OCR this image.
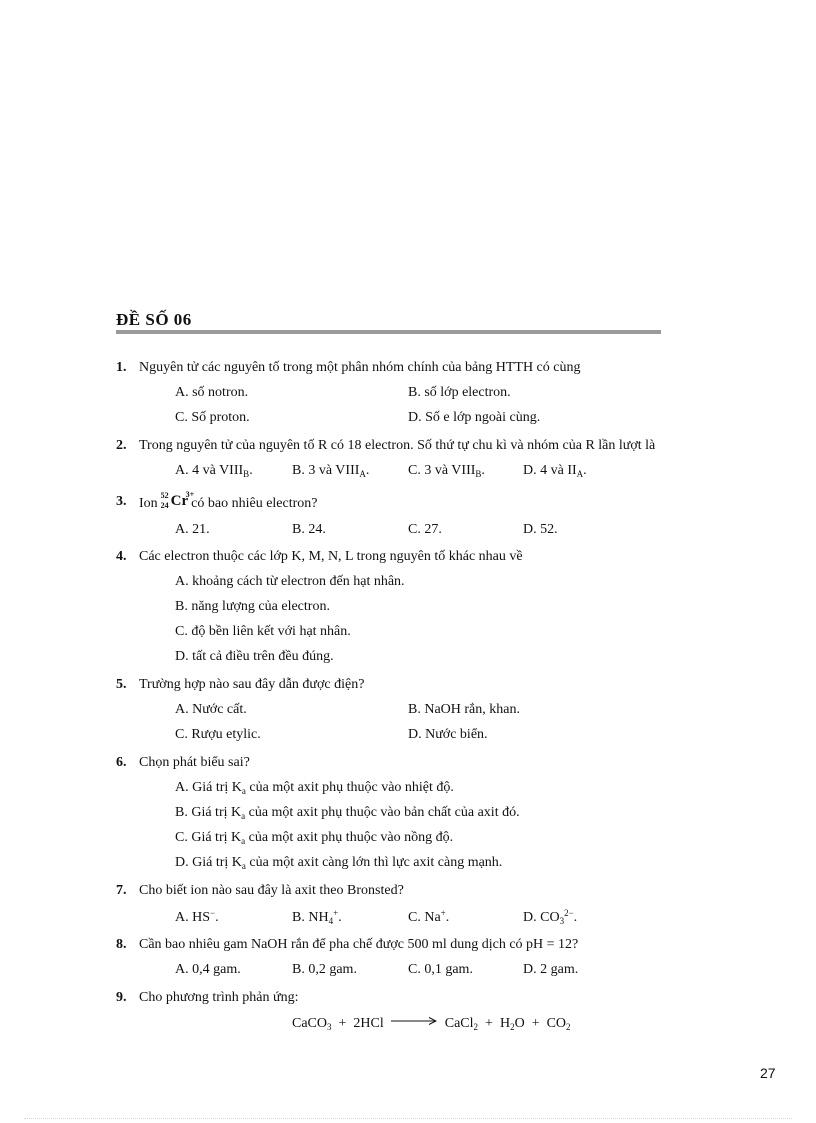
ĐỀ SỐ 06
1. Nguyên tử các nguyên tố trong một phân nhóm chính của bảng HTTH có cùng
A. số notron.	B. số lớp electron.
C. Số proton.	D. Số e lớp ngoài cùng.
2. Trong nguyên tử của nguyên tố R có 18 electron. Số thứ tự chu kì và nhóm của R lần lượt là
A. 4 và $VIII_B$.	B. 3 và $VIII_A$.	C. 3 và $VIII_B$.	D. 4 và $II_A$.
3. Ion
52
24 Cr
3+
có bao nhiêu electron?
A. 21.	B. 24.	C. 27.	D. 52.
4. Các electron thuộc các lớp K, M, N, L trong nguyên tố khác nhau về
A. khoảng cách từ electron đến hạt nhân.
B. năng lượng của electron.
C. độ bền liên kết với hạt nhân.
D. tất cả điều trên đều đúng.
5. Trường hợp nào sau đây dẫn được điện?
A. Nước cất.	B. NaOH rắn, khan.
C. Rượu etylic.	D. Nước biển.
6. Chọn phát biểu sai?
A. Giá trị $K_a$ của một axit phụ thuộc vào nhiệt độ.
B. Giá trị $K_a$ của một axit phụ thuộc vào bản chất của axit đó.
C. Giá trị $K_a$ của một axit phụ thuộc vào nồng độ.
D. Giá trị $K_a$ của một axit càng lớn thì lực axit càng mạnh.
7. Cho biết ion nào sau đây là axit theo Bronsted?
A. HS−.	B. $NH_4^+$.	C. Na+.	D. $CO_3^{2-}$.
8. Cần bao nhiêu gam NaOH rắn để pha chế được 500 ml dung dịch có pH = 12?
A. 0,4 gam.	B. 0,2 gam.	C. 0,1 gam.	D. 2 gam.
9. Cho phương trình phản ứng:
CaCO$_3$ + 2HCl → CaCl$_2$ + $H_2O + CO_2$
27
